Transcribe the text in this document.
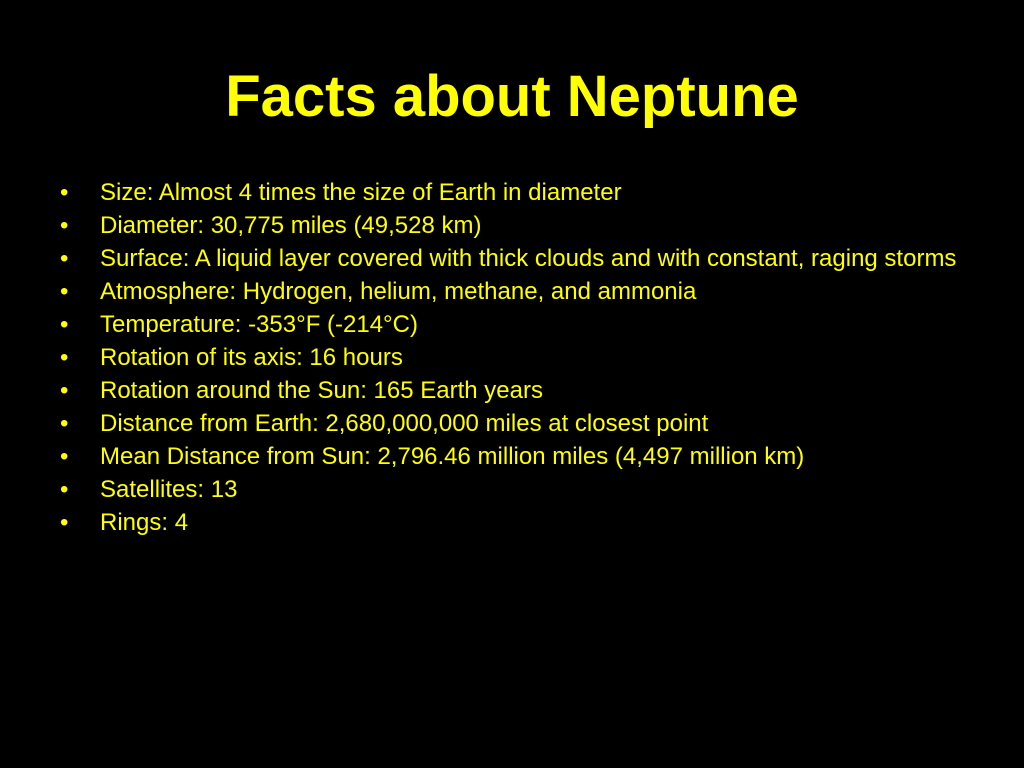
Facts about Neptune
•	Size: Almost 4 times the size of Earth in diameter
•	Diameter: 30,775 miles (49,528 km)
•	Surface: A liquid layer covered with thick clouds and with constant, raging storms
•	Atmosphere: Hydrogen, helium, methane, and ammonia
•	Temperature: -353°F (-214°C)
•	Rotation of its axis: 16 hours
•	Rotation around the Sun: 165 Earth years
•	Distance from Earth: 2,680,000,000 miles at closest point
•	Mean Distance from Sun: 2,796.46 million miles (4,497 million km)
•	Satellites: 13
•	Rings: 4
